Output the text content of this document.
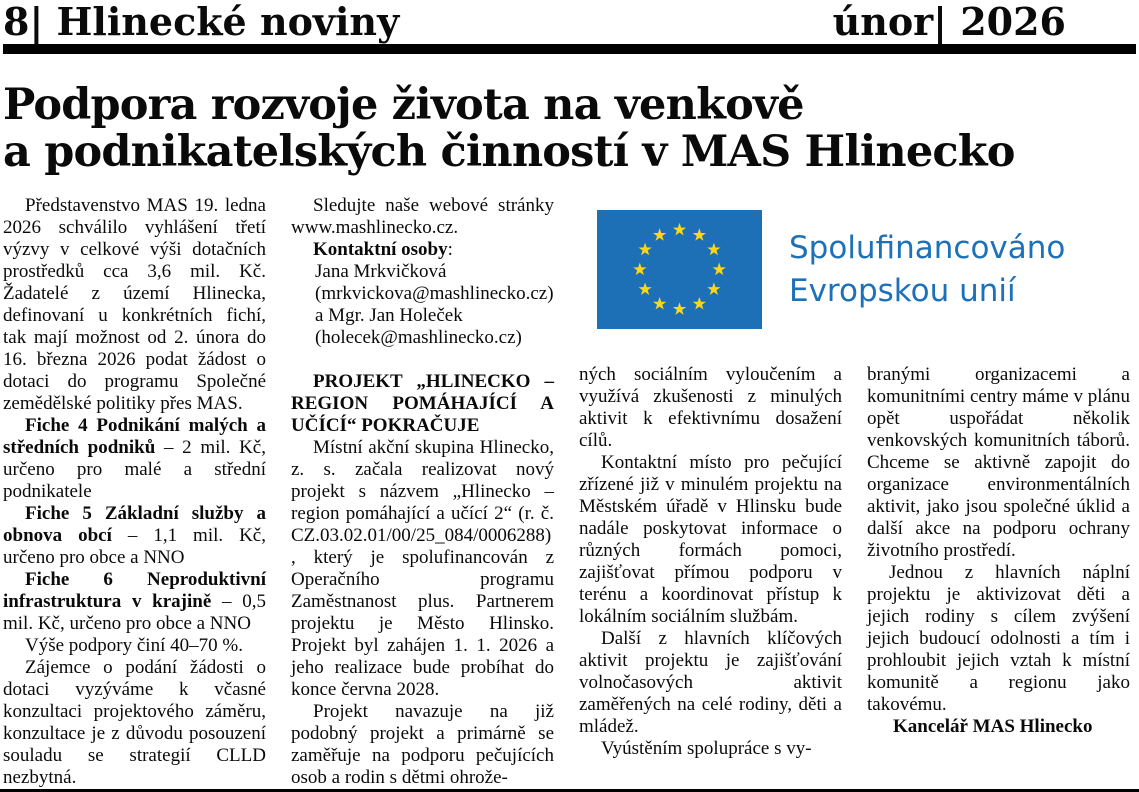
8| Hlinecké noviny	únor| 2026
Podpora rozvoje života na venkově
a podnikatelských činností v MAS Hlinecko

Představenstvo MAS 19. ledna 2026 schválilo vyhlášení třetí výzvy v celkové výši dotačních prostředků cca 3,6 mil. Kč. Žadatelé z území Hlinecka, definovaní u konkrétních fichí, tak mají možnost od 2. února do 16. března 2026 podat žádost o dotaci do programu Společné zemědělské politiky přes MAS.

Fiche 4 Podnikání malých a středních podniků – 2 mil. Kč, určeno pro malé a střední podnikatele

Fiche 5 Základní služby a obnova obcí – 1,1 mil. Kč, určeno pro obce a NNO

Fiche 6 Neproduktivní infrastruktura v krajině – 0,5 mil. Kč, určeno pro obce a NNO

Výše podpory činí 40–70 %.

Zájemce o podání žádosti o dotaci vyzýváme k včasné konzultaci projektového záměru, konzultace je z důvodu posouzení souladu se strategií CLLD nezbytná.

Sledujte naše webové stránky www.mashlinecko.cz.

Kontaktní osoby:

Jana Mrkvičková
(mrkvickova@mashlinecko.cz)
a Mgr. Jan Holeček
(holecek@mashlinecko.cz)

PROJEKT „HLINECKO – REGION POMÁHAJÍCÍ A UČÍCÍ“ POKRAČUJE

Místní akční skupina Hlinecko, z. s. začala realizovat nový projekt s názvem „Hlinecko – region pomáhající a učící 2“ (r. č. CZ.03.02.01/00/25_084/0006288), který je spolufinancován z Operačního programu Zaměstnanost plus. Partnerem projektu je Město Hlinsko. Projekt byl zahájen 1. 1. 2026 a jeho realizace bude probíhat do konce června 2028.

Projekt navazuje na již podobný projekt a primárně se zaměřuje na podporu pečujících osob a rodin s dětmi ohrože-

Spolufinancováno
Evropskou unií

ných sociálním vyloučením a využívá zkušenosti z minulých aktivit k efektivnímu dosažení cílů.

Kontaktní místo pro pečující zřízené již v minulém projektu na Městském úřadě v Hlinsku bude nadále poskytovat informace o různých formách pomoci, zajišťovat přímou podporu v terénu a koordinovat přístup k lokálním sociálním službám.

Další z hlavních klíčových aktivit projektu je zajišťování volnočasových aktivit zaměřených na celé rodiny, děti a mládež.

Vyústěním spolupráce s vy-

branými organizacemi a komunitními centry máme v plánu opět uspořádat několik venkovských komunitních táborů. Chceme se aktivně zapojit do organizace environmentálních aktivit, jako jsou společné úklid a další akce na podporu ochrany životního prostředí.

Jednou z hlavních náplní projektu je aktivizovat děti a jejich rodiny s cílem zvýšení jejich budoucí odolnosti a tím i prohloubit jejich vztah k místní komunitě a regionu jako takovému.

Kancelář MAS Hlinecko
